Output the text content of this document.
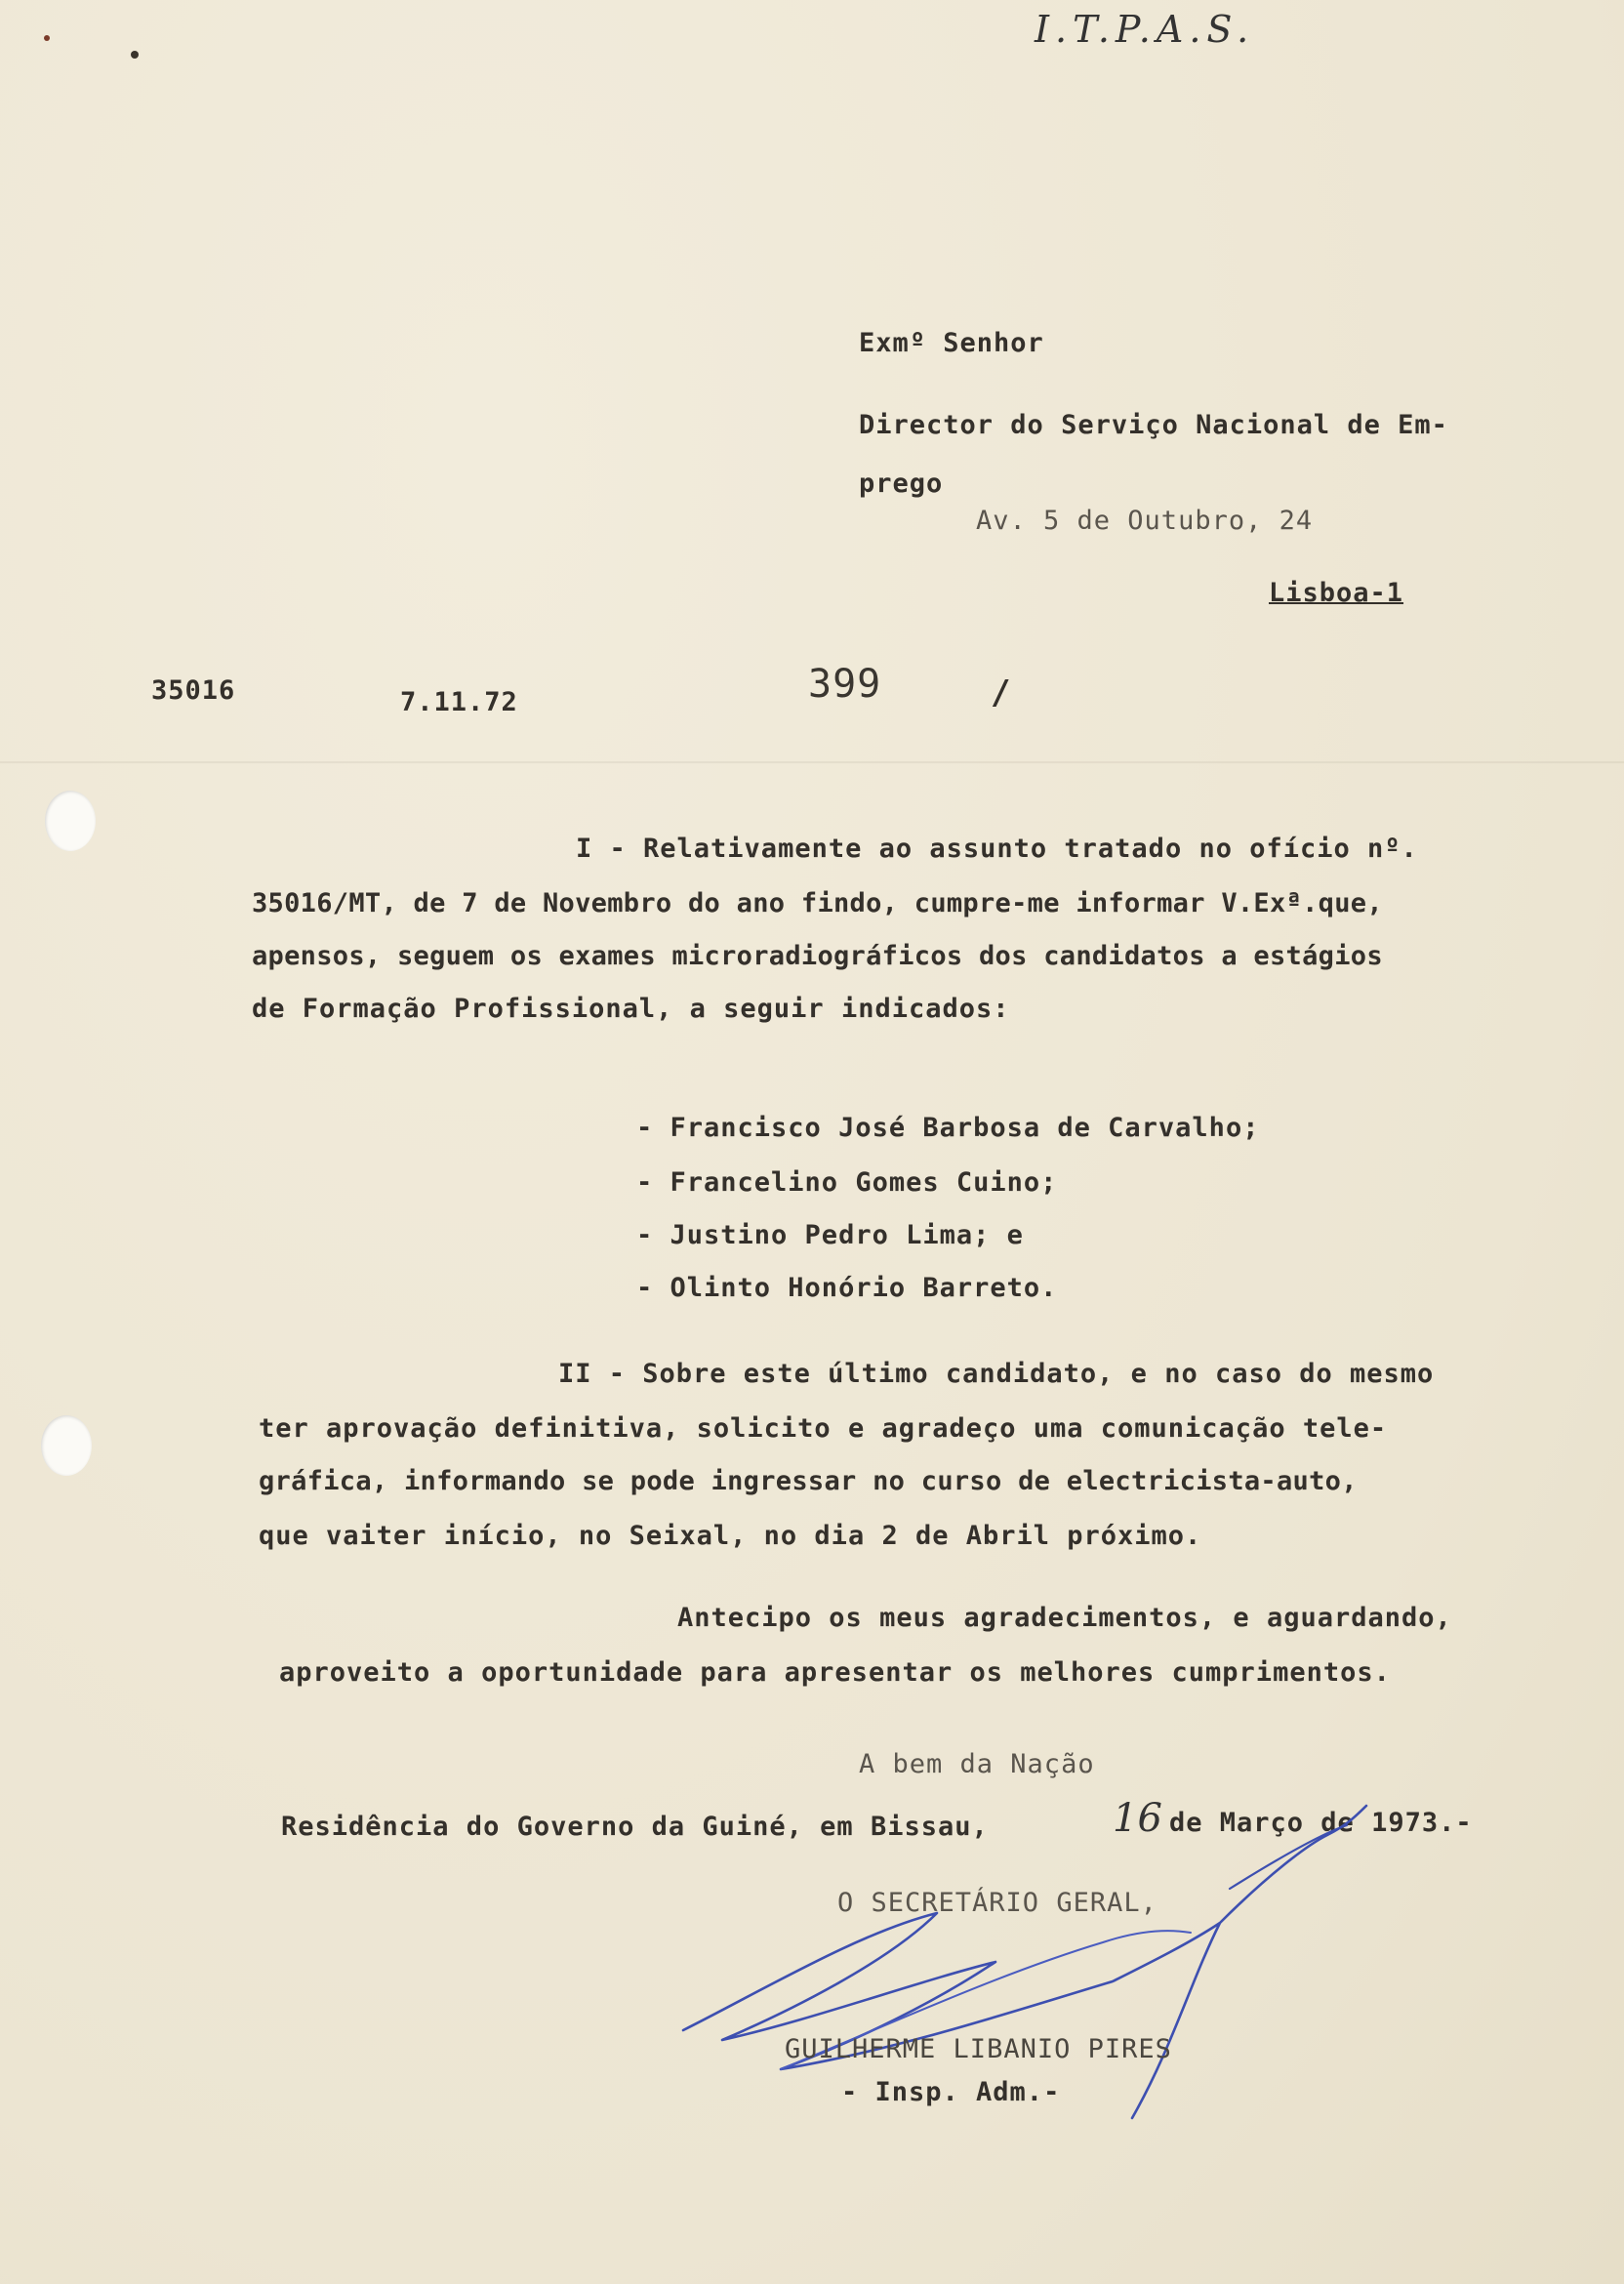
I.T.P.A.S.
Exmº Senhor
Director do Serviço Nacional de Em-
prego
Av. 5 de Outubro, 24
Lisboa-1
35016	7.11.72	399	/
I - Relativamente ao assunto tratado no ofício nº.
35016/MT, de 7 de Novembro do ano findo, cumpre-me informar V.Exª.que,
apensos, seguem os exames microradiográficos dos candidatos a estágios
de Formação Profissional, a seguir indicados:
- Francisco José Barbosa de Carvalho;
- Francelino Gomes Cuino;
- Justino Pedro Lima; e
- Olinto Honório Barreto.
II - Sobre este último candidato, e no caso do mesmo
ter aprovação definitiva, solicito e agradeço uma comunicação tele-
gráfica, informando se pode ingressar no curso de electricista-auto,
que vaiter início, no Seixal, no dia 2 de Abril próximo.
Antecipo os meus agradecimentos, e aguardando,
aproveito a oportunidade para apresentar os melhores cumprimentos.
A bem da Nação
Residência do Governo da Guiné, em Bissau,	16 de Março de 1973.-
O SECRETÁRIO GERAL,
GUILHERME LIBANIO PIRES
- Insp. Adm.-
